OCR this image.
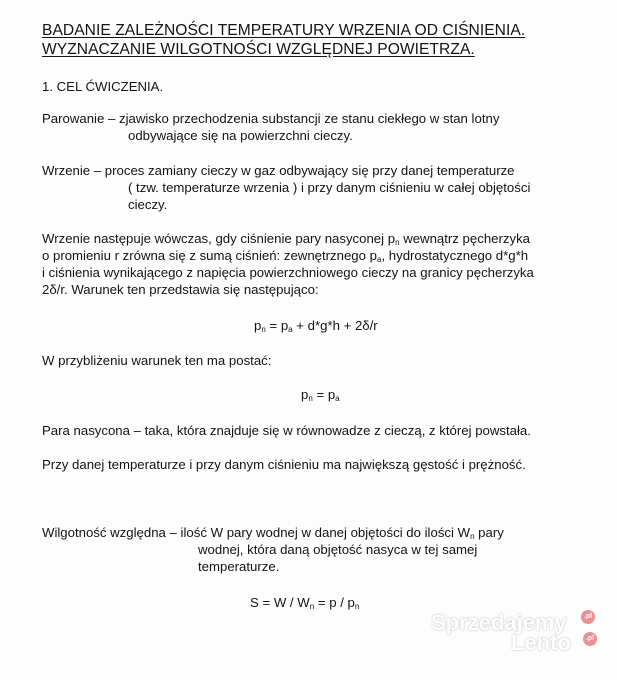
BADANIE ZALEŻNOŚCI TEMPERATURY WRZENIA OD CIŚNIENIA.
WYZNACZANIE WILGOTNOŚCI WZGLĘDNEJ POWIETRZA.
1. CEL ĆWICZENIA.
Parowanie – zjawisko przechodzenia substancji ze stanu ciekłego w stan lotny
odbywające się na powierzchni cieczy.
Wrzenie – proces zamiany cieczy w gaz odbywający się przy danej temperaturze
( tzw. temperaturze wrzenia ) i przy danym ciśnieniu w całej objętości
cieczy.
Wrzenie następuje wówczas, gdy ciśnienie pary nasyconej $p_n$ wewnątrz pęcherzyka
o promieniu r zrówna się z sumą ciśnień: zewnętrznego $p_a$, hydrostatycznego d*g*h
i ciśnienia wynikającego z napięcia powierzchniowego cieczy na granicy pęcherzyka
2δ/r. Warunek ten przedstawia się następująco:
$p_n = p_a + d*g*h + 2\delta/r$
W przybliżeniu warunek ten ma postać:
$p_n = p_a$
Para nasycona – taka, która znajduje się w równowadze z cieczą, z której powstała.
Przy danej temperaturze i przy danym ciśnieniu ma największą gęstość i prężność.
Wilgotność względna – ilość W pary wodnej w danej objętości do ilości $W_n$ pary
wodnej, która daną objętość nasyca w tej samej
temperaturze.
$S = W / W_n = p / p_n$
Sprzedajemy
Lento
.pl
.pl
